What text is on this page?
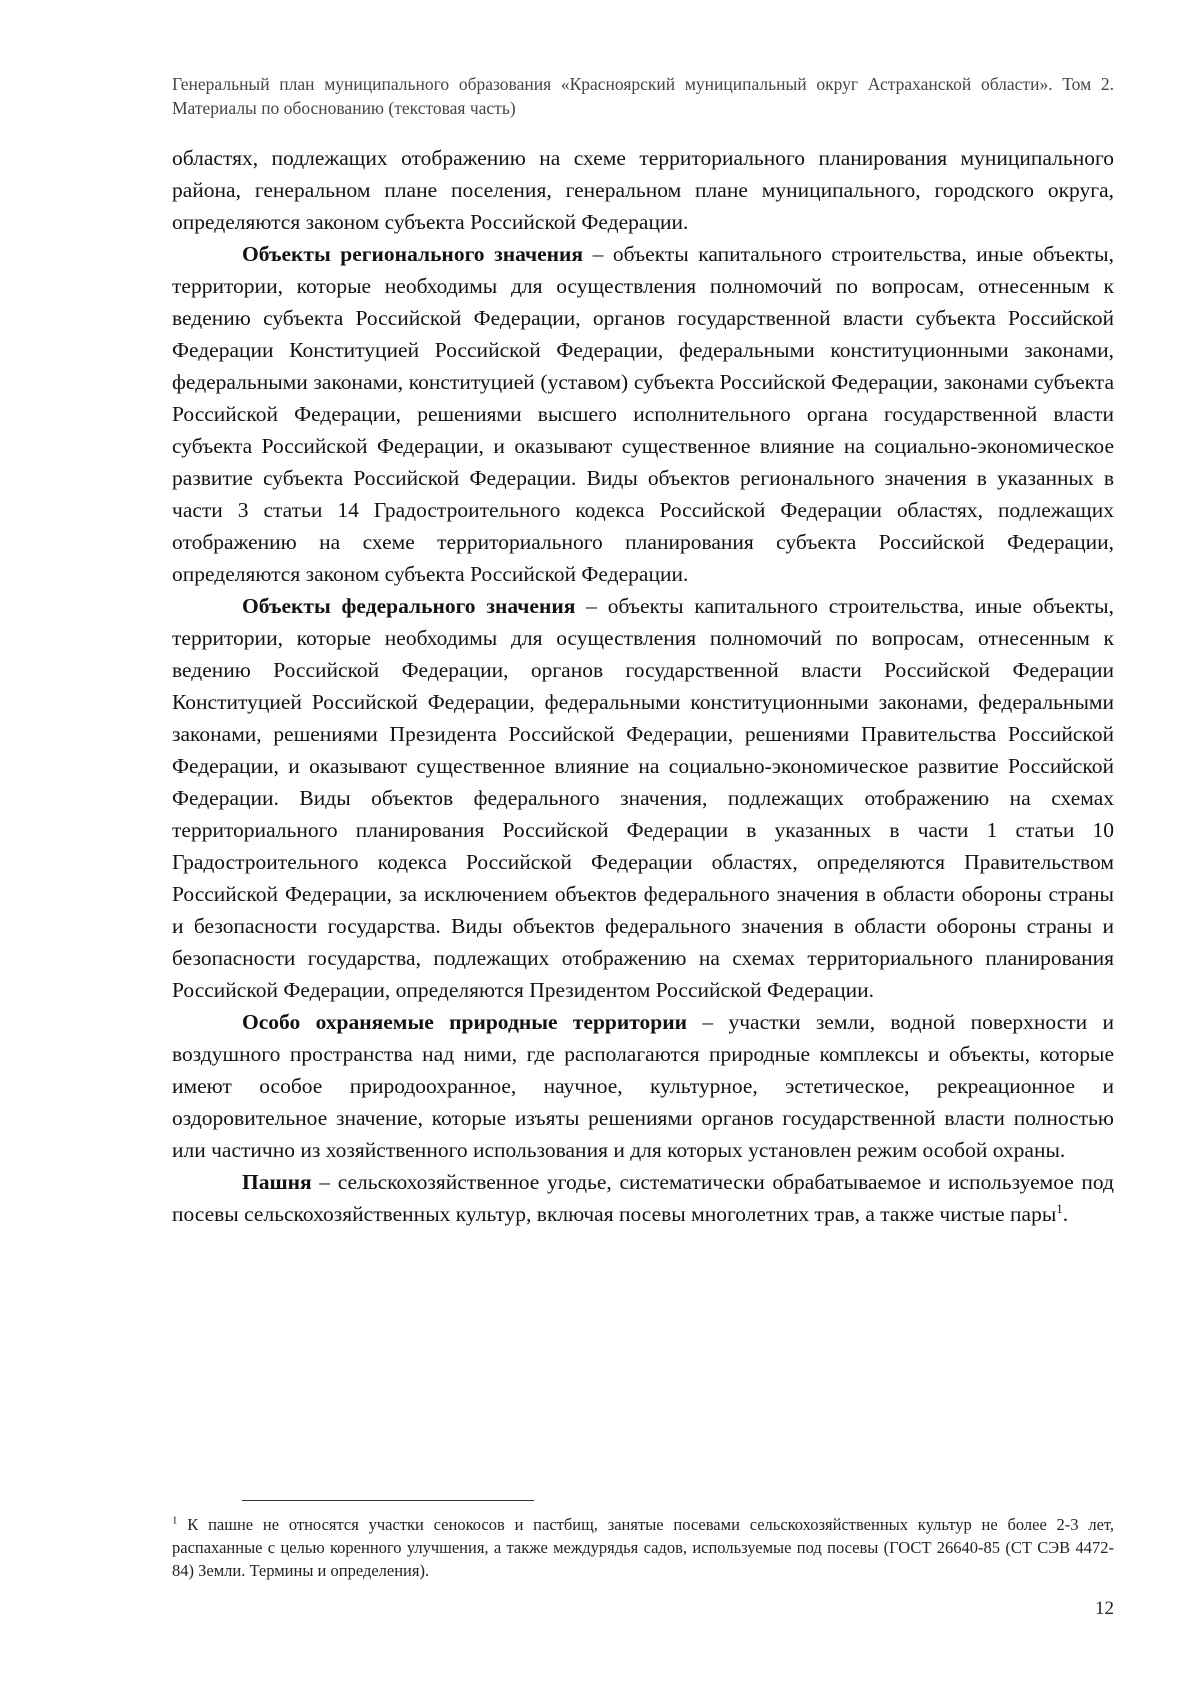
Генеральный план муниципального образования «Красноярский муниципальный округ Астраханской области». Том 2. Материалы по обоснованию (текстовая часть)

областях, подлежащих отображению на схеме территориального планирования муниципального района, генеральном плане поселения, генеральном плане муниципального, городского округа, определяются законом субъекта Российской Федерации.

Объекты регионального значения – объекты капитального строительства, иные объекты, территории, которые необходимы для осуществления полномочий по вопросам, отнесенным к ведению субъекта Российской Федерации, органов государственной власти субъекта Российской Федерации Конституцией Российской Федерации, федеральными конституционными законами, федеральными законами, конституцией (уставом) субъекта Российской Федерации, законами субъекта Российской Федерации, решениями высшего исполнительного органа государственной власти субъекта Российской Федерации, и оказывают существенное влияние на социально-экономическое развитие субъекта Российской Федерации. Виды объектов регионального значения в указанных в части 3 статьи 14 Градостроительного кодекса Российской Федерации областях, подлежащих отображению на схеме территориального планирования субъекта Российской Федерации, определяются законом субъекта Российской Федерации.

Объекты федерального значения – объекты капитального строительства, иные объекты, территории, которые необходимы для осуществления полномочий по вопросам, отнесенным к ведению Российской Федерации, органов государственной власти Российской Федерации Конституцией Российской Федерации, федеральными конституционными законами, федеральными законами, решениями Президента Российской Федерации, решениями Правительства Российской Федерации, и оказывают существенное влияние на социально-экономическое развитие Российской Федерации. Виды объектов федерального значения, подлежащих отображению на схемах территориального планирования Российской Федерации в указанных в части 1 статьи 10 Градостроительного кодекса Российской Федерации областях, определяются Правительством Российской Федерации, за исключением объектов федерального значения в области обороны страны и безопасности государства. Виды объектов федерального значения в области обороны страны и безопасности государства, подлежащих отображению на схемах территориального планирования Российской Федерации, определяются Президентом Российской Федерации.

Особо охраняемые природные территории – участки земли, водной поверхности и воздушного пространства над ними, где располагаются природные комплексы и объекты, которые имеют особое природоохранное, научное, культурное, эстетическое, рекреационное и оздоровительное значение, которые изъяты решениями органов государственной власти полностью или частично из хозяйственного использования и для которых установлен режим особой охраны.

Пашня – сельскохозяйственное угодье, систематически обрабатываемое и используемое под посевы сельскохозяйственных культур, включая посевы многолетних трав, а также чистые пары$^1$.

$^1$ К пашне не относятся участки сенокосов и пастбищ, занятые посевами сельскохозяйственных культур не более 2-3 лет, распаханные с целью коренного улучшения, а также междурядья садов, используемые под посевы (ГОСТ 26640-85 (СТ СЭВ 4472-84) Земли. Термины и определения).
12
